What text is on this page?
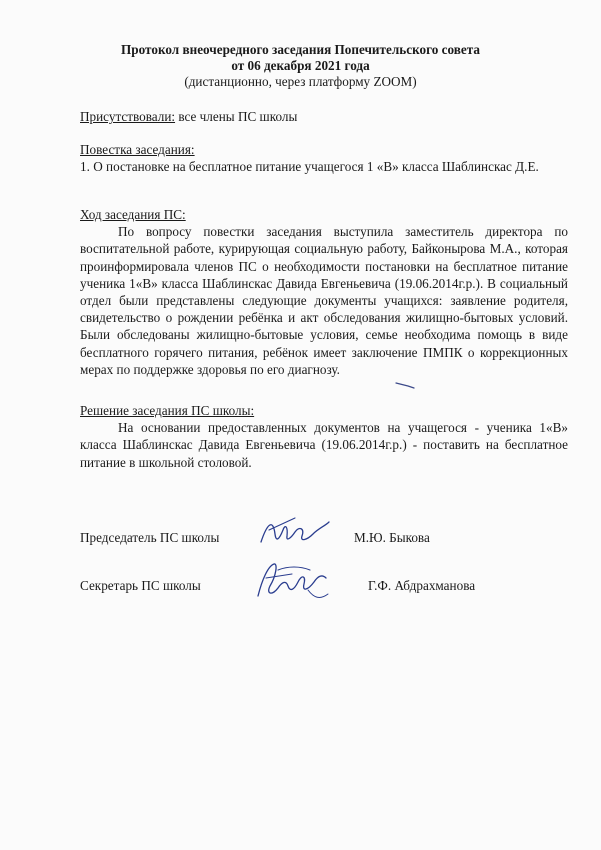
Протокол внеочередного заседания Попечительского совета
от 06 декабря 2021 года
(дистанционно, через платформу ZOOM)
Присутствовали: все члены ПС школы
Повестка заседания:
1. О постановке на бесплатное питание учащегося 1 «В» класса Шаблинскас Д.Е.
Ход заседания ПС:
По вопросу повестки заседания выступила заместитель директора по воспитательной работе, курирующая социальную работу, Байконырова М.А., которая проинформировала членов ПС о необходимости постановки на бесплатное питание ученика 1«В» класса Шаблинскас Давида Евгеньевича (19.06.2014г.р.). В социальный отдел были представлены следующие документы учащихся: заявление родителя, свидетельство о рождении ребёнка и акт обследования жилищно-бытовых условий. Были обследованы жилищно-бытовые условия, семье необходима помощь в виде бесплатного горячего питания, ребёнок имеет заключение ПМПК о коррекционных мерах по поддержке здоровья по его диагнозу.
Решение заседания ПС школы:
На основании предоставленных документов на учащегося - ученика 1«В» класса Шаблинскас Давида Евгеньевича (19.06.2014г.р.) - поставить на бесплатное питание в школьной столовой.
Председатель ПС школы	М.Ю. Быкова
Секретарь ПС школы	Г.Ф. Абдрахманова
